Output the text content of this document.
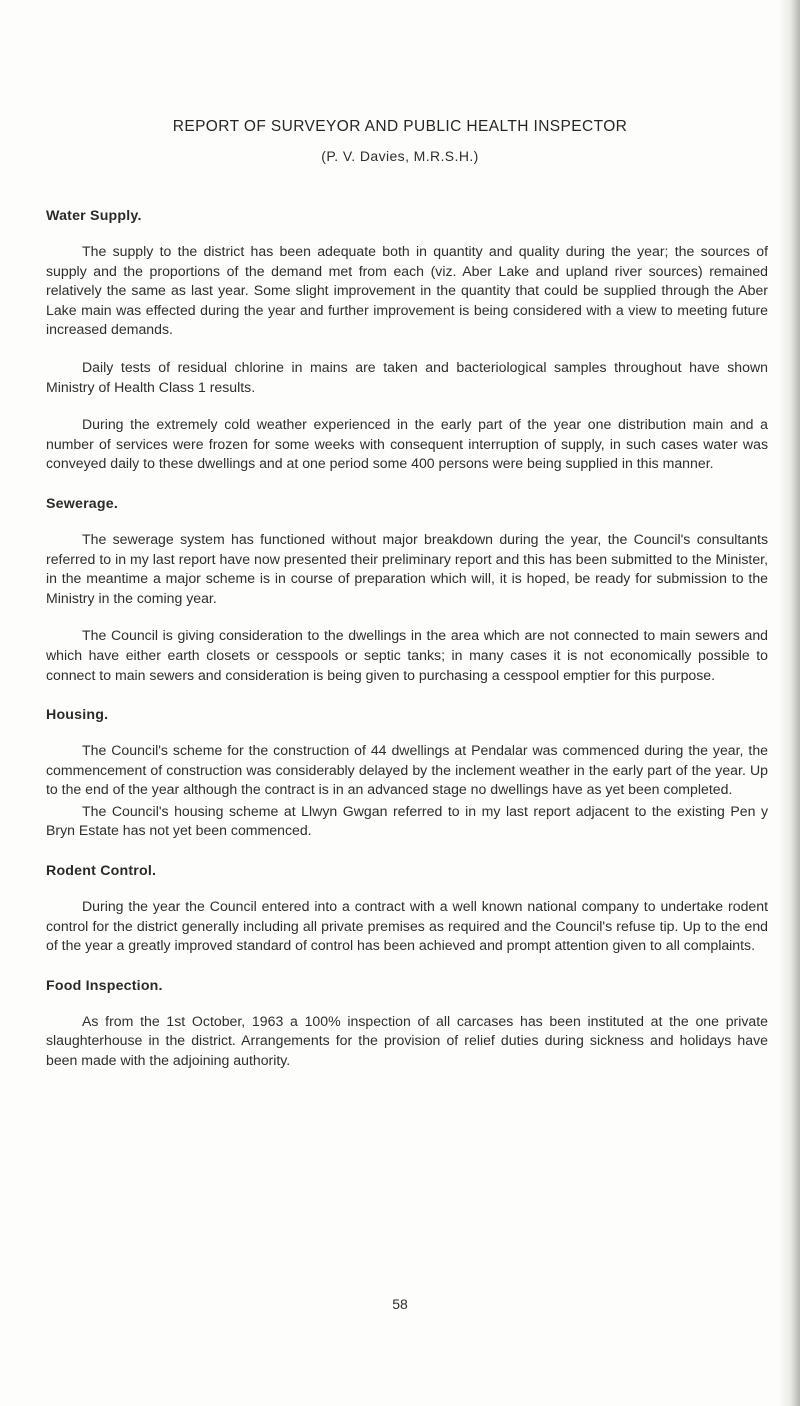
REPORT OF SURVEYOR AND PUBLIC HEALTH INSPECTOR

(P. V. Davies, M.R.S.H.)

Water Supply.

The supply to the district has been adequate both in quantity and quality during the year; the sources of supply and the proportions of the demand met from each (viz. Aber Lake and upland river sources) remained relatively the same as last year. Some slight improvement in the quantity that could be supplied through the Aber Lake main was effected during the year and further improvement is being considered with a view to meeting future increased demands.

Daily tests of residual chlorine in mains are taken and bacteriological samples throughout have shown Ministry of Health Class 1 results.

During the extremely cold weather experienced in the early part of the year one distribution main and a number of services were frozen for some weeks with consequent interruption of supply, in such cases water was conveyed daily to these dwellings and at one period some 400 persons were being supplied in this manner.

Sewerage.

The sewerage system has functioned without major breakdown during the year, the Council's consultants referred to in my last report have now presented their preliminary report and this has been submitted to the Minister, in the meantime a major scheme is in course of preparation which will, it is hoped, be ready for submission to the Ministry in the coming year.

The Council is giving consideration to the dwellings in the area which are not connected to main sewers and which have either earth closets or cesspools or septic tanks; in many cases it is not economically possible to connect to main sewers and consideration is being given to purchasing a cesspool emptier for this purpose.

Housing.

The Council's scheme for the construction of 44 dwellings at Pendalar was commenced during the year, the commencement of construction was considerably delayed by the inclement weather in the early part of the year. Up to the end of the year although the contract is in an advanced stage no dwellings have as yet been completed.

The Council's housing scheme at Llwyn Gwgan referred to in my last report adjacent to the existing Pen y Bryn Estate has not yet been commenced.

Rodent Control.

During the year the Council entered into a contract with a well known national company to undertake rodent control for the district generally including all private premises as required and the Council's refuse tip. Up to the end of the year a greatly improved standard of control has been achieved and prompt attention given to all complaints.

Food Inspection.

As from the 1st October, 1963 a 100% inspection of all carcases has been instituted at the one private slaughterhouse in the district. Arrangements for the provision of relief duties during sickness and holidays have been made with the adjoining authority.

58
